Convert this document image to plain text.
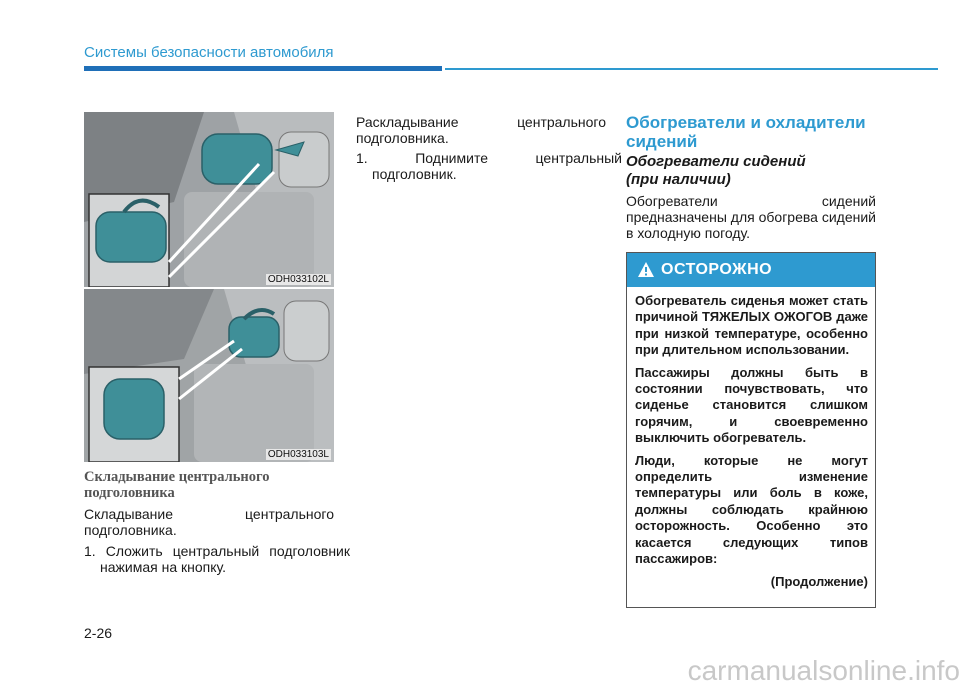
Системы безопасности автомобиля
ODH033102L
ODH033103L
Складывание центрального подголовника
Складывание центрального подголовника.
1. Сложить центральный подголовник нажимая на кнопку.
Раскладывание центрального подголовника.
1. Поднимите центральный подголовник.
Обогреватели и охладители сидений
Обогреватели сидений
(при наличии)
Обогреватели сидений предназначены для обогрева сидений в холодную погоду.
ОСТОРОЖНО

Обогреватель сиденья может стать причиной ТЯЖЕЛЫХ ОЖОГОВ даже при низкой температуре, особенно при длительном использовании.

Пассажиры должны быть в состоянии почувствовать, что сиденье становится слишком горячим, и своевременно выключить обогреватель.

Люди, которые не могут определить изменение температуры или боль в коже, должны соблюдать крайнюю осторожность. Особенно это касается следующих типов пассажиров:

(Продолжение)

2-26
carmanualsonline.info
